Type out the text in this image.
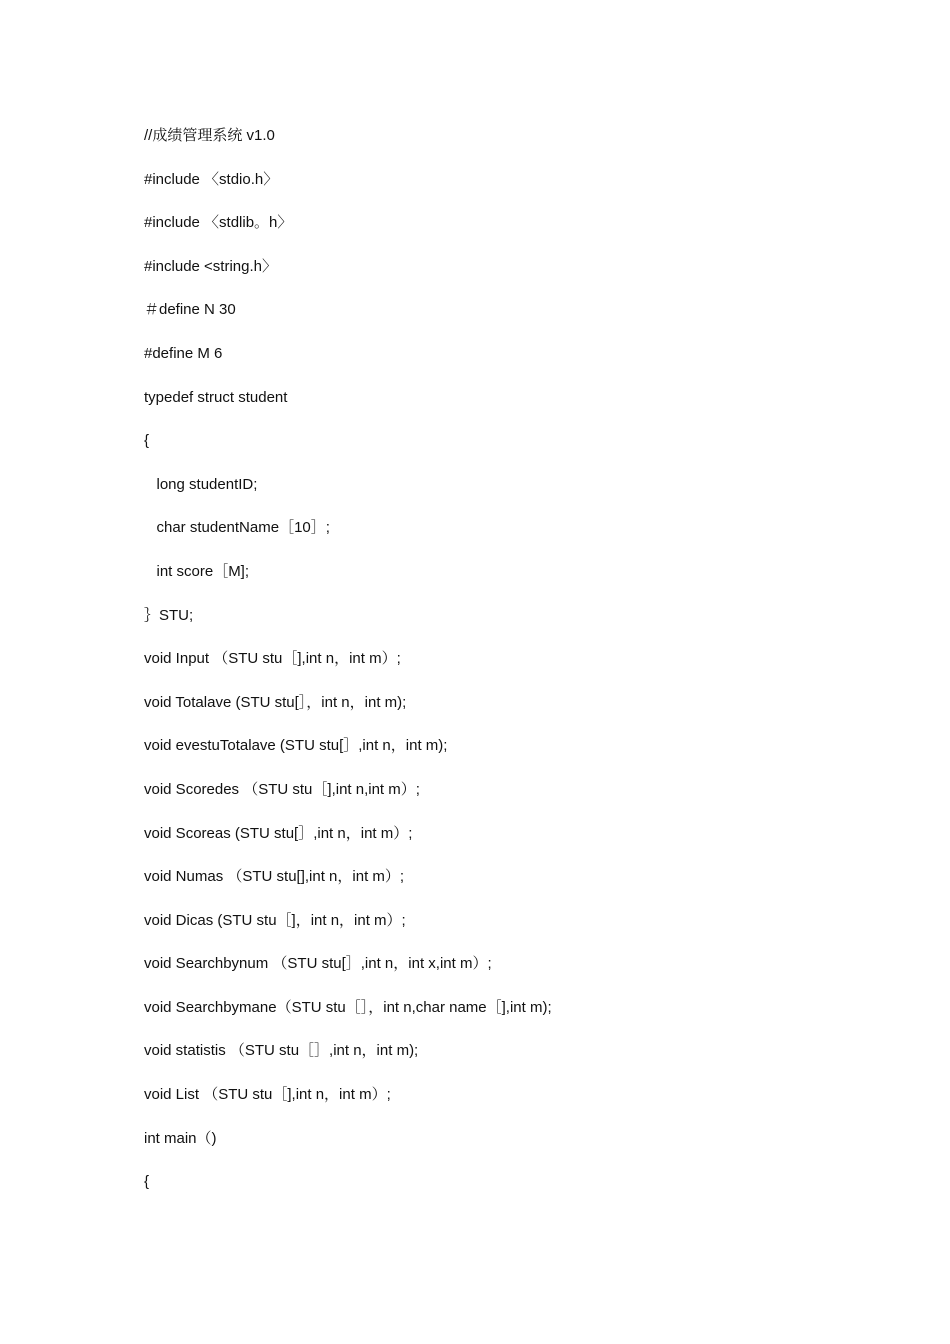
//成绩管理系统 v1.0
#include 〈stdio.h〉
#include 〈stdlib。h〉
#include <string.h〉
＃define N 30
#define M 6
typedef struct student
{
long studentID;
char studentName［10］;
int score［M];
｝STU;
void Input （STU stu［],int n，int m）;
void Totalave (STU stu[］，int n，int m);
void evestuTotalave (STU stu[］,int n，int m);
void Scoredes （STU stu［],int n,int m）;
void Scoreas (STU stu[］,int n，int m）;
void Numas （STU stu[],int n，int m）;
void Dicas (STU stu［]，int n，int m）;
void Searchbynum （STU stu[］,int n，int x,int m）;
void Searchbymane（STU stu［］，int n,char name［],int m);
void statistis （STU stu［］,int n，int m);
void List （STU stu［],int n，int m）;
int main（)
{
